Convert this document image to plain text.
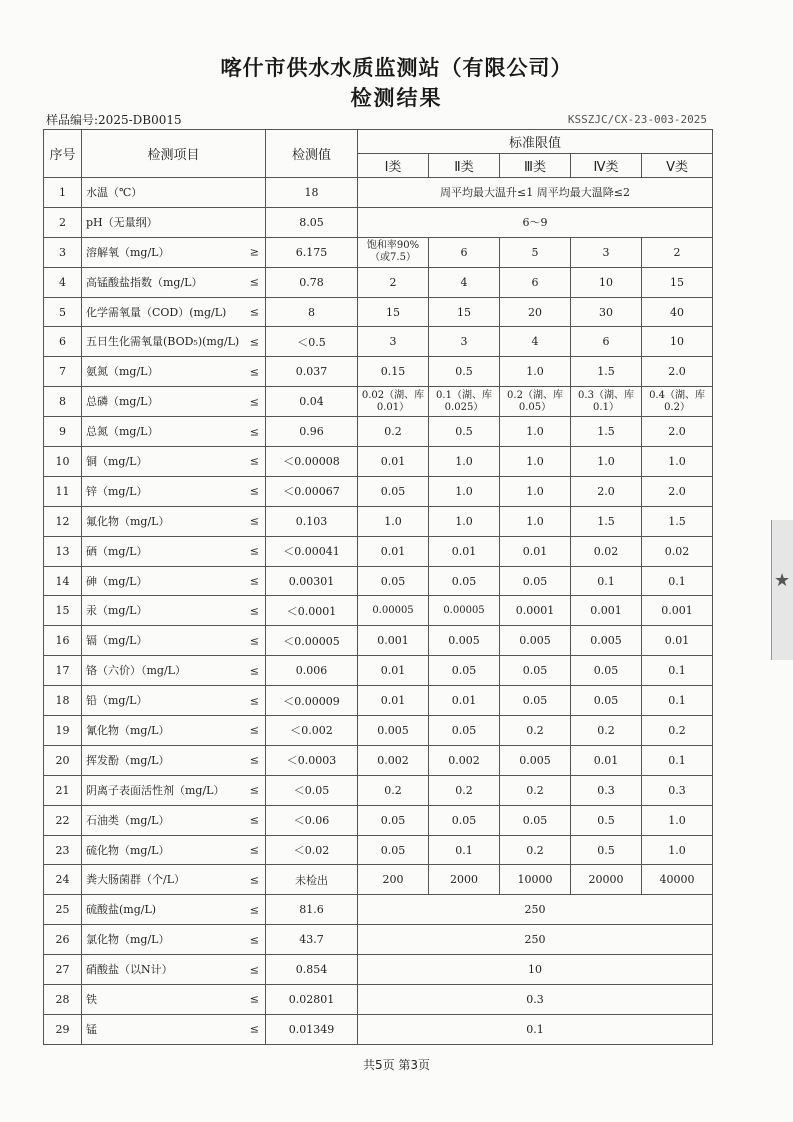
喀什市供水水质监测站（有限公司）
检测结果
样品编号:2025-DB0015	KSSZJC/CX-23-003-2025
序号	检测项目	检测值	标准限值				
			Ⅰ类	Ⅱ类	Ⅲ类	Ⅳ类	Ⅴ类
1	水温（℃）	18	周平均最大温升≤1 周平均最大温降≤2				
2	pH（无量纲）	8.05	6～9				
3	溶解氧（mg/L） ≥	6.175	饱和率90%（或7.5）	6	5	3	2
4	高锰酸盐指数（mg/L） ≤	0.78	2	4	6	10	15
5	化学需氧量（COD）(mg/L) ≤	8	15	15	20	30	40
6	五日生化需氧量(BOD₅)(mg/L) ≤	＜0.5	3	3	4	6	10
7	氨氮（mg/L） ≤	0.037	0.15	0.5	1.0	1.5	2.0
8	总磷（mg/L） ≤	0.04	0.02（湖、库0.01）	0.1（湖、库0.025）	0.2（湖、库0.05）	0.3（湖、库0.1）	0.4（湖、库0.2）
9	总氮（mg/L） ≤	0.96	0.2	0.5	1.0	1.5	2.0
10	铜（mg/L） ≤	＜0.00008	0.01	1.0	1.0	1.0	1.0
11	锌（mg/L） ≤	＜0.00067	0.05	1.0	1.0	2.0	2.0
12	氟化物（mg/L） ≤	0.103	1.0	1.0	1.0	1.5	1.5
13	硒（mg/L） ≤	＜0.00041	0.01	0.01	0.01	0.02	0.02
14	砷（mg/L） ≤	0.00301	0.05	0.05	0.05	0.1	0.1
15	汞（mg/L） ≤	＜0.0001	0.00005	0.00005	0.0001	0.001	0.001
16	镉（mg/L） ≤	＜0.00005	0.001	0.005	0.005	0.005	0.01
17	铬（六价）（mg/L） ≤	0.006	0.01	0.05	0.05	0.05	0.1
18	铅（mg/L） ≤	＜0.00009	0.01	0.01	0.05	0.05	0.1
19	氰化物（mg/L） ≤	＜0.002	0.005	0.05	0.2	0.2	0.2
20	挥发酚（mg/L） ≤	＜0.0003	0.002	0.002	0.005	0.01	0.1
21	阴离子表面活性剂（mg/L） ≤	＜0.05	0.2	0.2	0.2	0.3	0.3
22	石油类（mg/L） ≤	＜0.06	0.05	0.05	0.05	0.5	1.0
23	硫化物（mg/L） ≤	＜0.02	0.05	0.1	0.2	0.5	1.0
24	粪大肠菌群（个/L） ≤	未检出	200	2000	10000	20000	40000
25	硫酸盐(mg/L) ≤	81.6	250				
26	氯化物（mg/L） ≤	43.7	250				
27	硝酸盐（以N计） ≤	0.854	10				
28	铁 ≤	0.02801	0.3				
29	锰 ≤	0.01349	0.1				
共5页 第3页
★
